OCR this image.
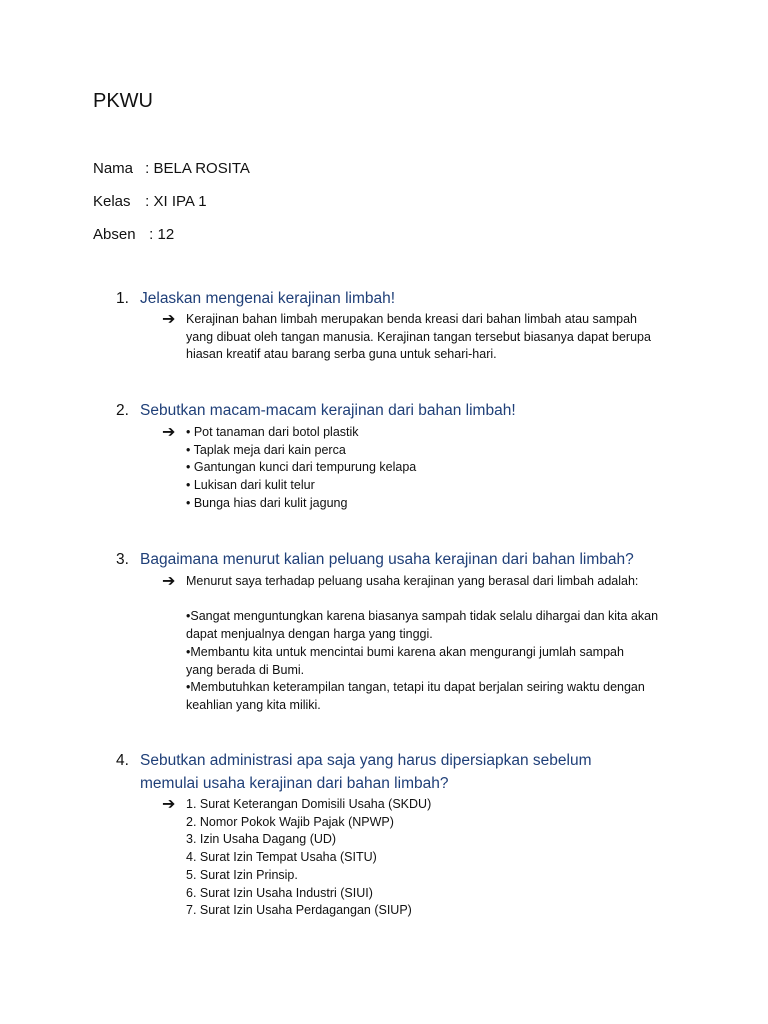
PKWU
Nama : BELA ROSITA
Kelas : XI IPA 1
Absen : 12
1. Jelaskan mengenai kerajinan limbah!
➔ Kerajinan bahan limbah merupakan benda kreasi dari bahan limbah atau sampah
yang dibuat oleh tangan manusia. Kerajinan tangan tersebut biasanya dapat berupa
hiasan kreatif atau barang serba guna untuk sehari-hari.
2. Sebutkan macam-macam kerajinan dari bahan limbah!
➔ • Pot tanaman dari botol plastik
• Taplak meja dari kain perca
• Gantungan kunci dari tempurung kelapa
• Lukisan dari kulit telur
• Bunga hias dari kulit jagung
3. Bagaimana menurut kalian peluang usaha kerajinan dari bahan limbah?
➔ Menurut saya terhadap peluang usaha kerajinan yang berasal dari limbah adalah:
•Sangat menguntungkan karena biasanya sampah tidak selalu dihargai dan kita akan
dapat menjualnya dengan harga yang tinggi.
•Membantu kita untuk mencintai bumi karena akan mengurangi jumlah sampah
yang berada di Bumi.
•Membutuhkan keterampilan tangan, tetapi itu dapat berjalan seiring waktu dengan
keahlian yang kita miliki.
4. Sebutkan administrasi apa saja yang harus dipersiapkan sebelum
memulai usaha kerajinan dari bahan limbah?
➔ 1. Surat Keterangan Domisili Usaha (SKDU)
2. Nomor Pokok Wajib Pajak (NPWP)
3. Izin Usaha Dagang (UD)
4. Surat Izin Tempat Usaha (SITU)
5. Surat Izin Prinsip.
6. Surat Izin Usaha Industri (SIUI)
7. Surat Izin Usaha Perdagangan (SIUP)
